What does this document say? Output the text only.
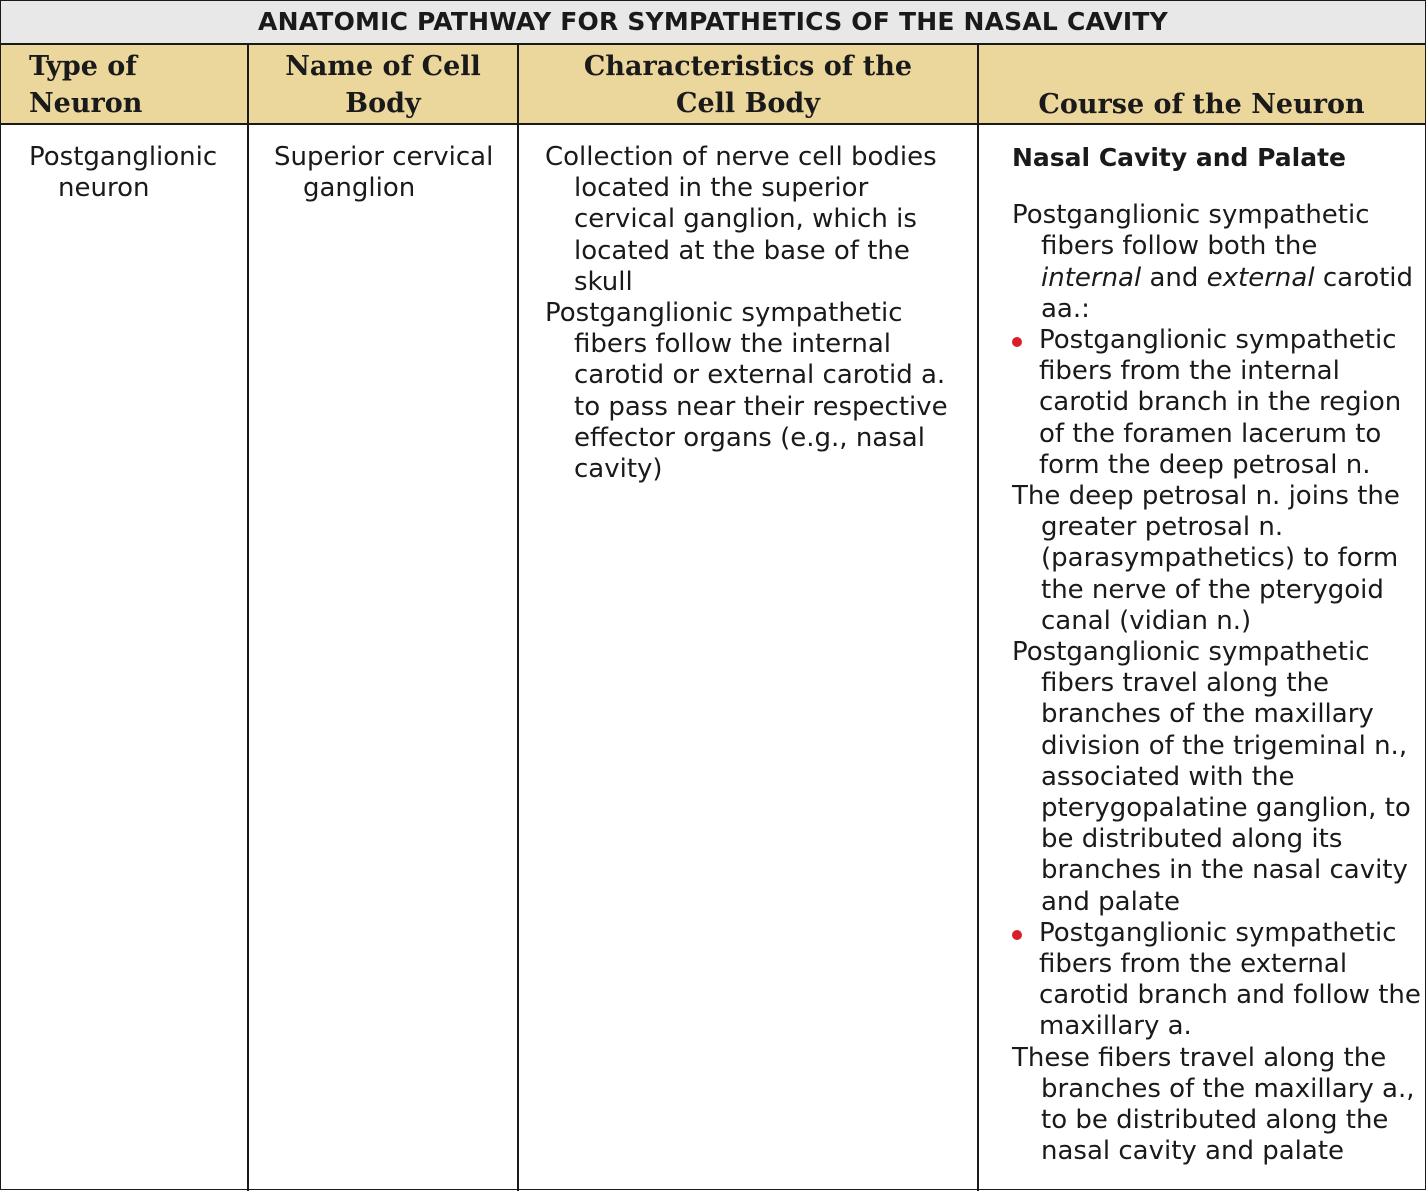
ANATOMIC PATHWAY FOR SYMPATHETICS OF THE NASAL CAVITY
Type of
Neuron
Name of Cell
Body
Characteristics of the
Cell Body	Course of the Neuron

Postganglionic neuron

Superior cervical ganglion

Collection of nerve cell bodies located in the superior cervical ganglion, which is located at the base of the skull

Postganglionic sympathetic fibers follow the internal carotid or external carotid a. to pass near their respective effector organs (e.g., nasal cavity)

Nasal Cavity and Palate

Postganglionic sympathetic fibers follow both the internal and external carotid aa.:

Postganglionic sympathetic fibers from the internal carotid branch in the region of the foramen lacerum to form the deep petrosal n.

The deep petrosal n. joins the greater petrosal n. (parasympathetics) to form the nerve of the pterygoid canal (vidian n.)

Postganglionic sympathetic fibers travel along the branches of the maxillary division of the trigeminal n., associated with the pterygopalatine ganglion, to be distributed along its branches in the nasal cavity and palate

Postganglionic sympathetic fibers from the external carotid branch and follow the maxillary a.

These fibers travel along the branches of the maxillary a., to be distributed along the nasal cavity and palate
